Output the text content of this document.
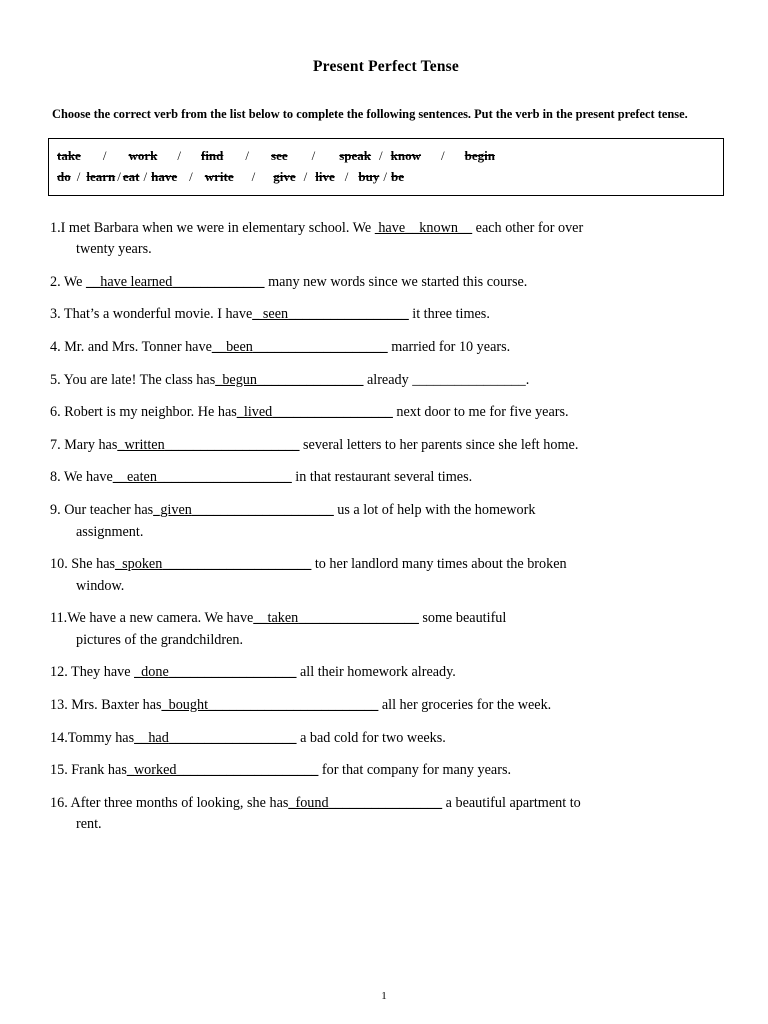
Present Perfect Tense
Choose the correct verb from the list below to complete the following sentences. Put the verb in the present prefect tense.
take	/	work	/	find	/	see	/	speak / know	/	begin
do / learn / eat / have / write	/	give / live / buy / be
1.I met Barbara when we were in elementary school. We  have__known__ each other for over
twenty years.
2. We __have learned_____________ many new words since we started this course.
3. That’s a wonderful movie. I have_ seen_________________ it three times.
4. Mr. and Mrs. Tonner have__been___________________ married for 10 years.
5. You are late! The class has_begun_______________ already ________________.
6. Robert is my neighbor. He has_lived_________________ next door to me for five years.
7. Mary has_written___________________ several letters to her parents since she left home.
8. We have__eaten___________________ in that restaurant several times.
9. Our teacher has_given____________________ us a lot of help with the homework
assignment.
10. She has_spoken_____________________ to her landlord many times about the broken
window.
11.We have a new camera. We have__taken_________________ some beautiful
pictures of the grandchildren.
12. They have _done__________________ all their homework already.
13. Mrs. Baxter has_bought________________________ all her groceries for the week.
14.Tommy has__had__________________ a bad cold for two weeks.
15. Frank has_worked____________________ for that company for many years.
16. After three months of looking, she has_found________________ a beautiful apartment to
rent.
1
